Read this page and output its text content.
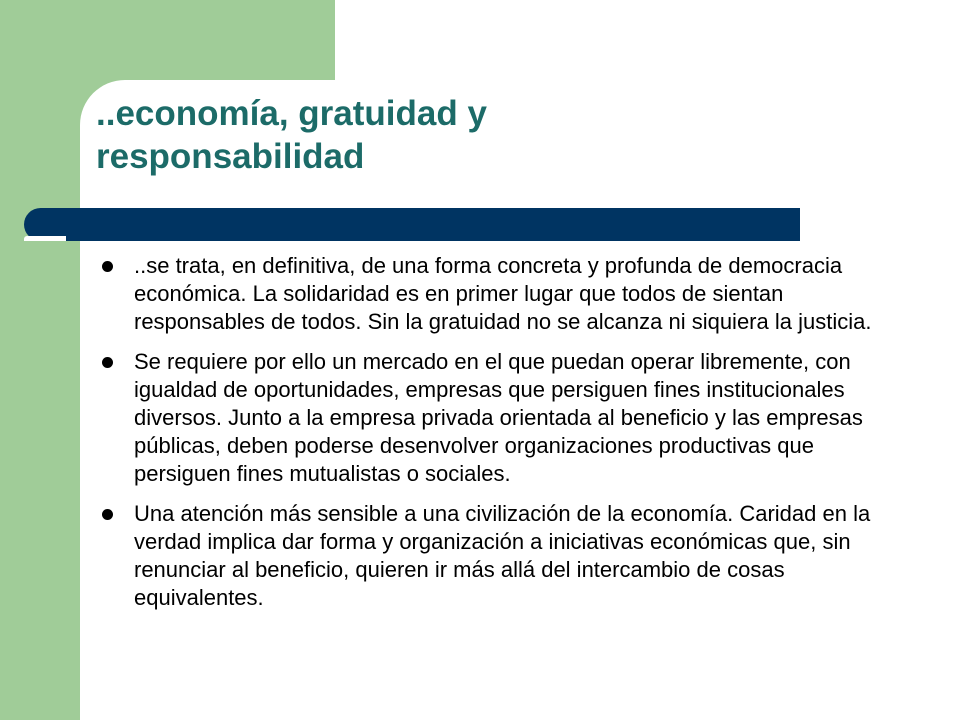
..economía, gratuidad y
responsabilidad
..se trata, en definitiva, de una forma concreta y profunda de democracia económica. La solidaridad es en primer lugar que todos de sientan responsables de todos. Sin la gratuidad no se alcanza ni siquiera la justicia.
Se requiere por ello un mercado en el que puedan operar libremente, con igualdad de oportunidades, empresas que persiguen fines institucionales diversos. Junto a la empresa privada orientada al beneficio y las empresas públicas, deben poderse desenvolver organizaciones productivas que persiguen fines mutualistas o sociales.
Una atención más sensible a una civilización de la economía. Caridad en la verdad implica dar forma y organización a iniciativas económicas que, sin renunciar al beneficio, quieren ir más allá del intercambio de cosas equivalentes.
